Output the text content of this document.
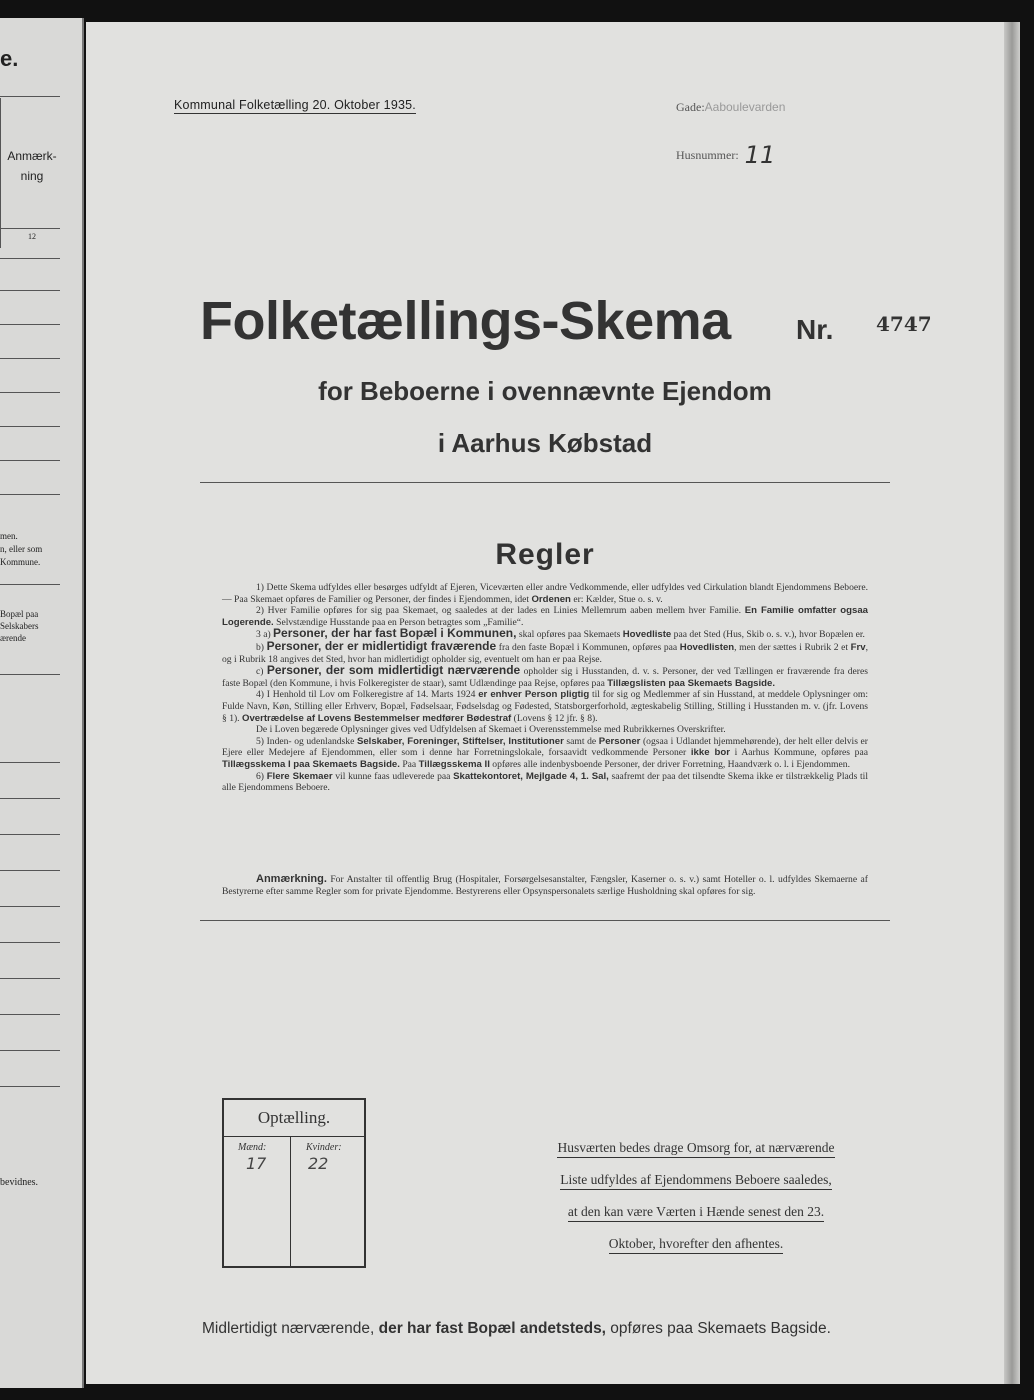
e.
Anmærk-
ning
12
men.
n, eller som
Kommune.
Bopæl paa
Selskabers
ærende
bevidnes.
Kommunal Folketælling 20. Oktober 1935.	Gade:Aaboulevarden
Husnummer: 11
Folketællings-Skema Nr. 4747
for Beboerne i ovennævnte Ejendom
i Aarhus Købstad
Regler

1) Dette Skema udfyldes eller besørges udfyldt af Ejeren, Viceværten eller andre Vedkommende, eller udfyldes ved Cirkulation blandt Ejendommens Beboere. — Paa Skemaet opføres de Familier og Personer, der findes i Ejendommen, idet Ordenen er: Kælder, Stue o. s. v.

2) Hver Familie opføres for sig paa Skemaet, og saaledes at der lades en Linies Mellemrum aaben mellem hver Familie. En Familie omfatter ogsaa Logerende. Selvstændige Husstande paa en Person betragtes som „Familie“.

3 a) Personer, der har fast Bopæl i Kommunen, skal opføres paa Skemaets Hovedliste paa det Sted (Hus, Skib o. s. v.), hvor Bopælen er.

b) Personer, der er midlertidigt fraværende fra den faste Bopæl i Kommunen, opføres paa Hovedlisten, men der sættes i Rubrik 2 et Frv, og i Rubrik 18 angives det Sted, hvor han midlertidigt opholder sig, eventuelt om han er paa Rejse.

c) Personer, der som midlertidigt nærværende opholder sig i Husstanden, d. v. s. Personer, der ved Tællingen er fraværende fra deres faste Bopæl (den Kommune, i hvis Folkeregister de staar), samt Udlændinge paa Rejse, opføres paa Tillægslisten paa Skemaets Bagside.

4) I Henhold til Lov om Folkeregistre af 14. Marts 1924 er enhver Person pligtig til for sig og Medlemmer af sin Husstand, at meddele Oplysninger om: Fulde Navn, Køn, Stilling eller Erhverv, Bopæl, Fødselsaar, Fødselsdag og Fødested, Statsborgerforhold, ægteskabelig Stilling, Stilling i Husstanden m. v. (jfr. Lovens § 1). Overtrædelse af Lovens Bestemmelser medfører Bødestraf (Lovens § 12 jfr. § 8).

De i Loven begærede Oplysninger gives ved Udfyldelsen af Skemaet i Overensstemmelse med Rubrikkernes Overskrifter.

5) Inden- og udenlandske Selskaber, Foreninger, Stiftelser, Institutioner samt de Personer (ogsaa i Udlandet hjemmehørende), der helt eller delvis er Ejere eller Medejere af Ejendommen, eller som i denne har Forretningslokale, forsaavidt vedkommende Personer ikke bor i Aarhus Kommune, opføres paa Tillægsskema I paa Skemaets Bagside. Paa Tillægsskema II opføres alle indenbysboende Personer, der driver Forretning, Haandværk o. l. i Ejendommen.

6) Flere Skemaer vil kunne faas udleverede paa Skattekontoret, Mejlgade 4, 1. Sal, saafremt der paa det tilsendte Skema ikke er tilstrækkelig Plads til alle Ejendommens Beboere.

Anmærkning. For Anstalter til offentlig Brug (Hospitaler, Forsørgelsesanstalter, Fængsler, Kaserner o. s. v.) samt Hoteller o. l. udfyldes Skemaerne af Bestyrerne efter samme Regler som for private Ejendomme. Bestyrerens eller Opsynspersonalets særlige Husholdning skal opføres for sig.

Optælling.
Mænd:
17
Kvinder:
22
Husværten bedes drage Omsorg for, at nærværende
Liste udfyldes af Ejendommens Beboere saaledes,
at den kan være Værten i Hænde senest den 23.
Oktober, hvorefter den afhentes.
Midlertidigt nærværende, der har fast Bopæl andetsteds, opføres paa Skemaets Bagside.
